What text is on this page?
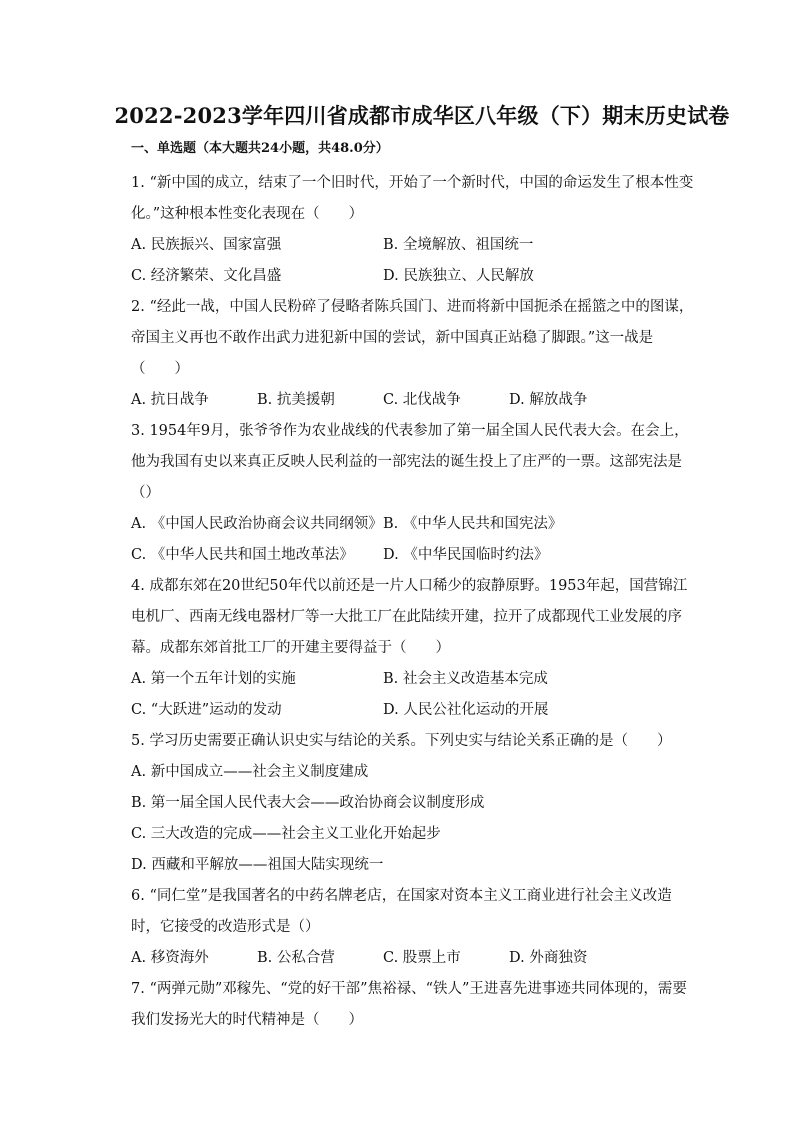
2022-2023学年四川省成都市成华区八年级（下）期末历史试卷
一、单选题（本大题共24小题，共48.0分）

1. “新中国的成立，结束了一个旧时代，开始了一个新时代，中国的命运发生了根本性变化。”这种根本性变化表现在（　　）

A. 民族振兴、国家富强	B. 全境解放、祖国统一

C. 经济繁荣、文化昌盛	D. 民族独立、人民解放

2. “经此一战，中国人民粉碎了侵略者陈兵国门、进而将新中国扼杀在摇篮之中的图谋，帝国主义再也不敢作出武力进犯新中国的尝试，新中国真正站稳了脚跟。”这一战是（　　）

A. 抗日战争	B. 抗美援朝	C. 北伐战争	D. 解放战争

3. 1954年9月，张爷爷作为农业战线的代表参加了第一届全国人民代表大会。在会上，他为我国有史以来真正反映人民利益的一部宪法的诞生投上了庄严的一票。这部宪法是（）

A. 《中国人民政治协商会议共同纲领》 B. 《中华人民共和国宪法》

C. 《中华人民共和国土地改革法》	D. 《中华民国临时约法》

4. 成都东郊在20世纪50年代以前还是一片人口稀少的寂静原野。1953年起，国营锦江电机厂、西南无线电器材厂等一大批工厂在此陆续开建，拉开了成都现代工业发展的序幕。成都东郊首批工厂的开建主要得益于（　　）

A. 第一个五年计划的实施	B. 社会主义改造基本完成

C. “大跃进”运动的发动	D. 人民公社化运动的开展

5. 学习历史需要正确认识史实与结论的关系。下列史实与结论关系正确的是（　　）

A. 新中国成立——社会主义制度建成

B. 第一届全国人民代表大会——政治协商会议制度形成

C. 三大改造的完成——社会主义工业化开始起步

D. 西藏和平解放——祖国大陆实现统一

6. “同仁堂”是我国著名的中药名牌老店，在国家对资本主义工商业进行社会主义改造时，它接受的改造形式是（）

A. 移资海外	B. 公私合营	C. 股票上市	D. 外商独资

7. “两弹元勋”邓稼先、“党的好干部”焦裕禄、“铁人”王进喜先进事迹共同体现的，需要我们发扬光大的时代精神是（　　）
